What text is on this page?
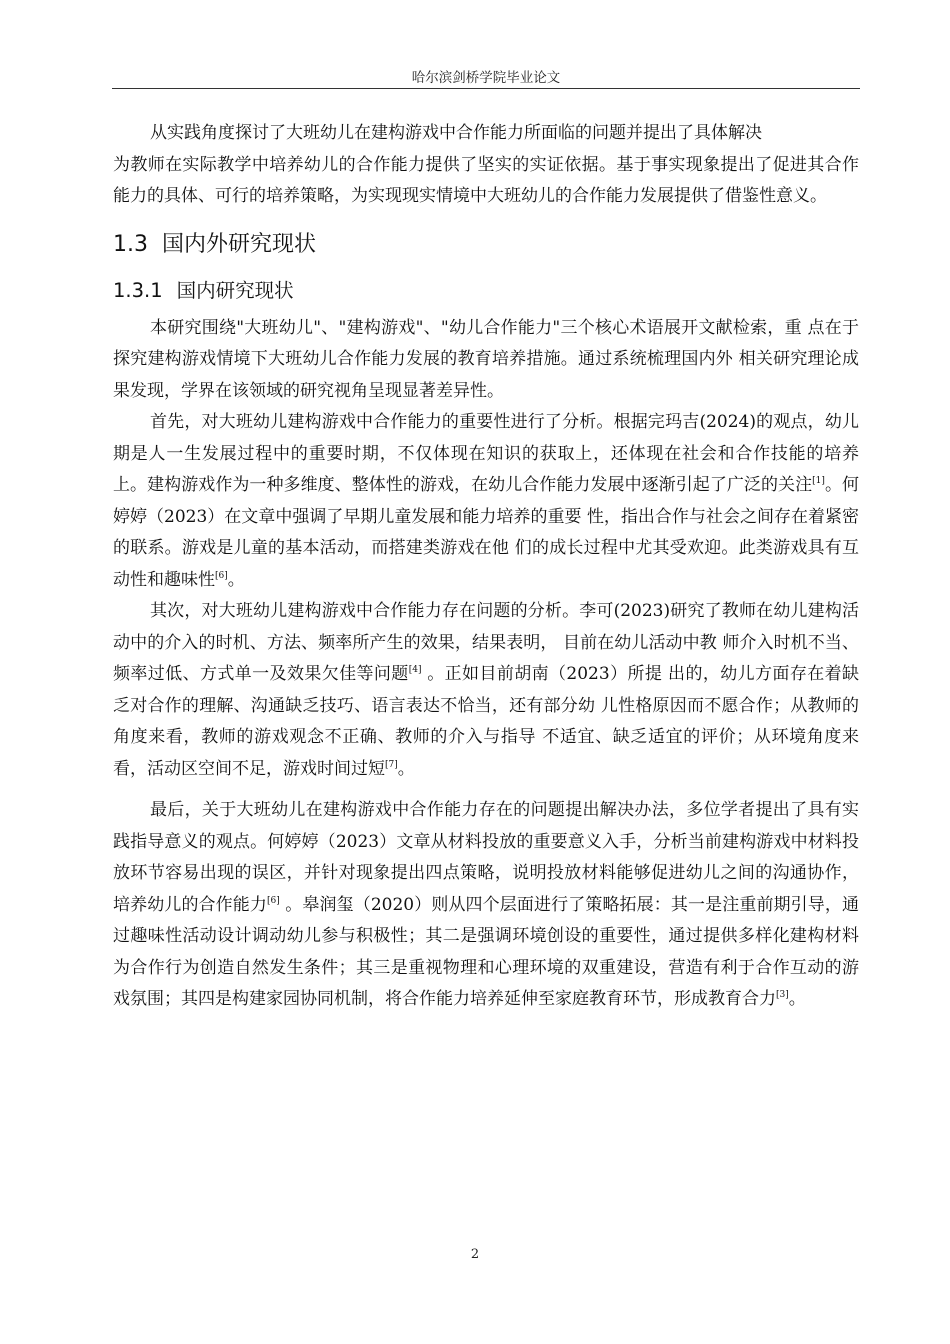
哈尔滨剑桥学院毕业论文

从实践角度探讨了大班幼儿在建构游戏中合作能力所面临的问题并提出了具体解决

为教师在实际教学中培养幼儿的合作能力提供了坚实的实证依据。基于事实现象提出了促进其合作能力的具体、可行的培养策略，为实现现实情境中大班幼儿的合作能力发展提供了借鉴性意义。

1.3 国内外研究现状
1.3.1 国内研究现状

本研究围绕"大班幼儿"、"建构游戏"、"幼儿合作能力"三个核心术语展开文献检索，重 点在于探究建构游戏情境下大班幼儿合作能力发展的教育培养措施。通过系统梳理国内外 相关研究理论成果发现，学界在该领域的研究视角呈现显著差异性。

首先，对大班幼儿建构游戏中合作能力的重要性进行了分析。根据完玛吉(2024)的观点，幼儿期是人一生发展过程中的重要时期，不仅体现在知识的获取上，还体现在社会和合作技能的培养上。建构游戏作为一种多维度、整体性的游戏，在幼儿合作能力发展中逐渐引起了广泛的关注[1]。何婷婷（2023）在文章中强调了早期儿童发展和能力培养的重要 性，指出合作与社会之间存在着紧密的联系。游戏是儿童的基本活动，而搭建类游戏在他 们的成长过程中尤其受欢迎。此类游戏具有互动性和趣味性[6]。

其次，对大班幼儿建构游戏中合作能力存在问题的分析。李可(2023)研究了教师在幼儿建构活动中的介入的时机、方法、频率所产生的效果，结果表明， 目前在幼儿活动中教 师介入时机不当、频率过低、方式单一及效果欠佳等问题[4] 。正如目前胡南（2023）所提 出的，幼儿方面存在着缺乏对合作的理解、沟通缺乏技巧、语言表达不恰当，还有部分幼 儿性格原因而不愿合作；从教师的角度来看，教师的游戏观念不正确、教师的介入与指导 不适宜、缺乏适宜的评价；从环境角度来看，活动区空间不足，游戏时间过短[7]。

最后，关于大班幼儿在建构游戏中合作能力存在的问题提出解决办法，多位学者提出了具有实践指导意义的观点。何婷婷（2023）文章从材料投放的重要意义入手，分析当前建构游戏中材料投放环节容易出现的误区，并针对现象提出四点策略，说明投放材料能够促进幼儿之间的沟通协作，培养幼儿的合作能力[6] 。皋润玺（2020）则从四个层面进行了策略拓展：其一是注重前期引导，通过趣味性活动设计调动幼儿参与积极性；其二是强调环境创设的重要性，通过提供多样化建构材料为合作行为创造自然发生条件；其三是重视物理和心理环境的双重建设，营造有利于合作互动的游戏氛围；其四是构建家园协同机制，将合作能力培养延伸至家庭教育环节，形成教育合力[3]。

2
